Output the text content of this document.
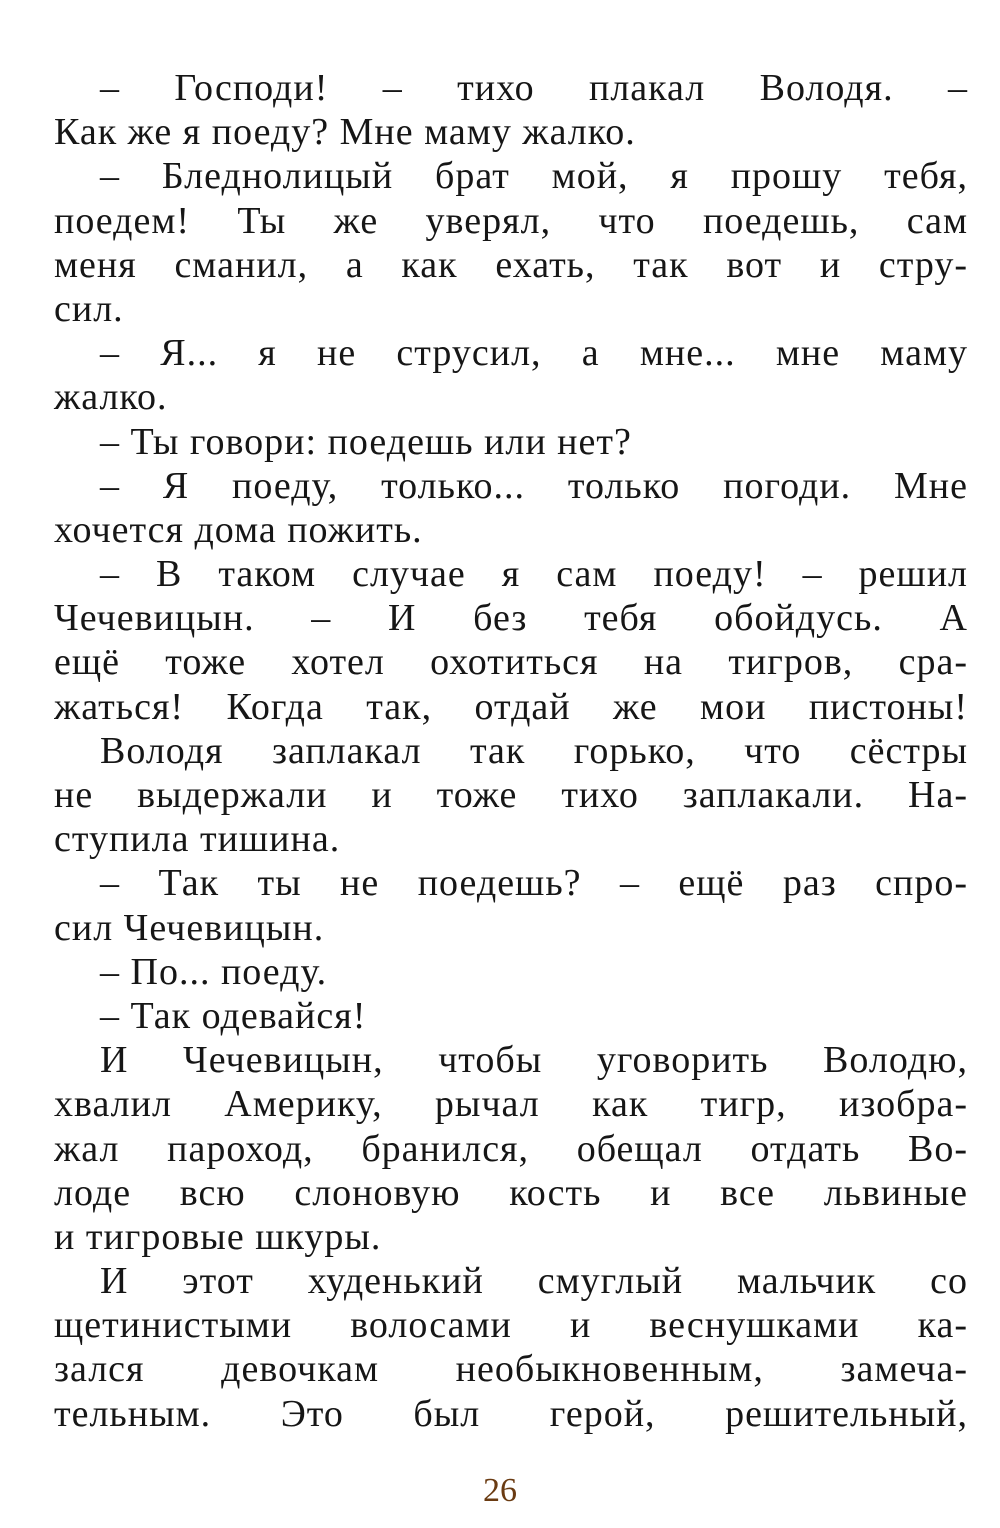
– Господи! – тихо плакал Володя. –
Как же я поеду? Мне маму жалко.
– Бледнолицый брат мой, я прошу тебя,
поедем! Ты же уверял, что поедешь, сам
меня сманил, а как ехать, так вот и стру-
сил.
– Я... я не струсил, а мне... мне маму
жалко.
– Ты говори: поедешь или нет?
– Я поеду, только... только погоди. Мне
хочется дома пожить.
– В таком случае я сам поеду! – решил
Чечевицын. – И без тебя обойдусь. А
ещё тоже хотел охотиться на тигров, сра-
жаться! Когда так, отдай же мои пистоны!
Володя заплакал так горько, что сёстры
не выдержали и тоже тихо заплакали. На-
ступила тишина.
– Так ты не поедешь? – ещё раз спро-
сил Чечевицын.
– По... поеду.
– Так одевайся!
И Чечевицын, чтобы уговорить Володю,
хвалил Америку, рычал как тигр, изобра-
жал пароход, бранился, обещал отдать Во-
лоде всю слоновую кость и все львиные
и тигровые шкуры.
И этот худенький смуглый мальчик со
щетинистыми волосами и веснушками ка-
зался девочкам необыкновенным, замеча-
тельным. Это был герой, решительный,
26
